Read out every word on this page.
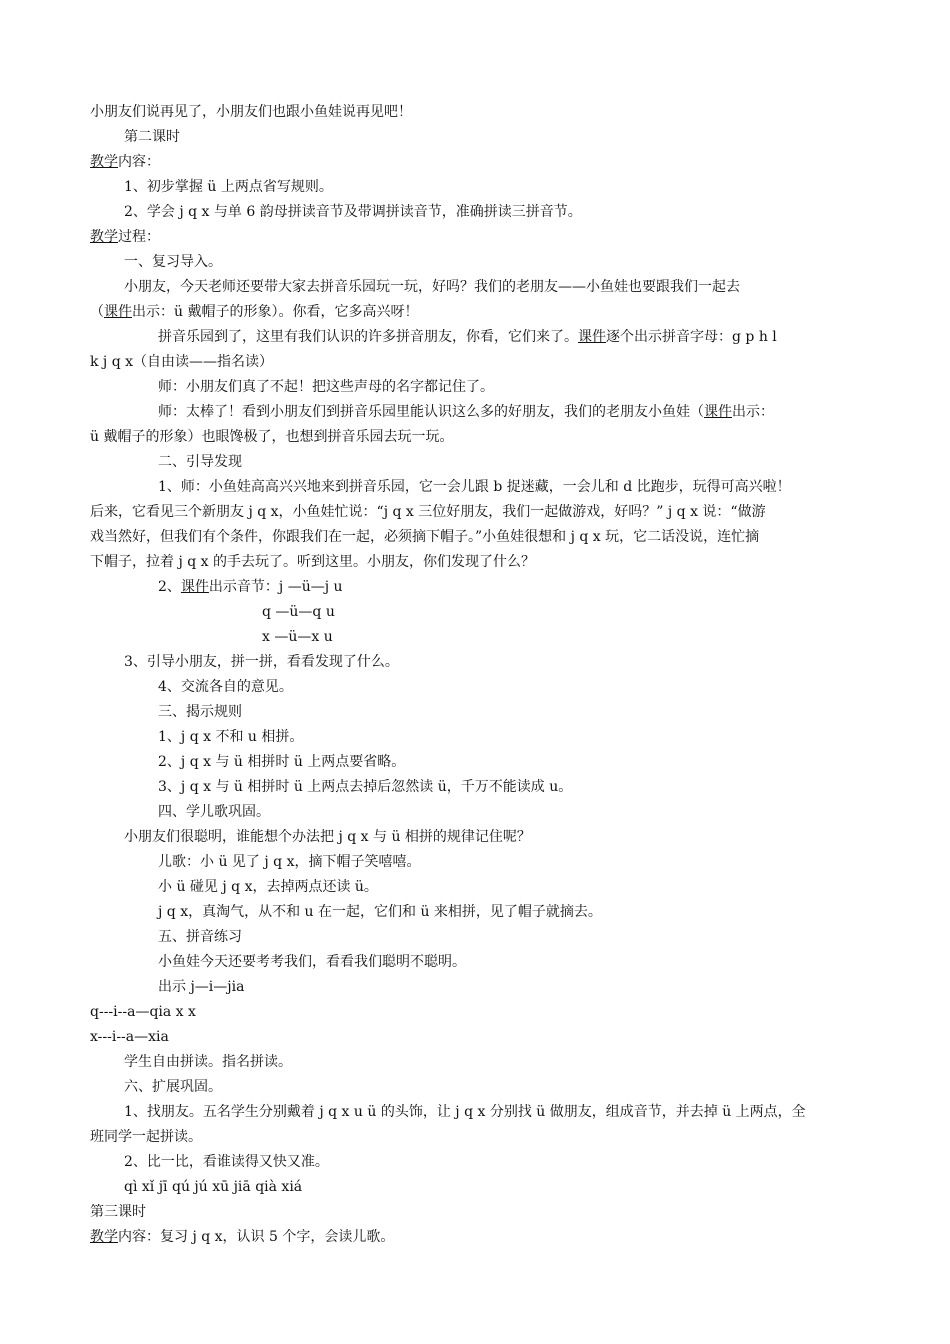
小朋友们说再见了，小朋友们也跟小鱼娃说再见吧！
第二课时
教学内容：
1、初步掌握 ü 上两点省写规则。
2、学会 j q x 与单 6 韵母拼读音节及带调拼读音节，准确拼读三拼音节。
教学过程：
一、复习导入。
小朋友，今天老师还要带大家去拼音乐园玩一玩，好吗？我们的老朋友——小鱼娃也要跟我们一起去
（课件出示：ü 戴帽子的形象）。你看，它多高兴呀！
拼音乐园到了，这里有我们认识的许多拼音朋友，你看，它们来了。课件逐个出示拼音字母：g p h l
k j q x（自由读——指名读）
师：小朋友们真了不起！把这些声母的名字都记住了。
师：太棒了！看到小朋友们到拼音乐园里能认识这么多的好朋友，我们的老朋友小鱼娃（课件出示：
ü 戴帽子的形象）也眼馋极了，也想到拼音乐园去玩一玩。
二、引导发现
1、师：小鱼娃高高兴兴地来到拼音乐园，它一会儿跟 b 捉迷藏，一会儿和 d 比跑步，玩得可高兴啦！
后来，它看见三个新朋友 j q x，小鱼娃忙说：“j q x 三位好朋友，我们一起做游戏，好吗？” j q x 说：“做游
戏当然好，但我们有个条件，你跟我们在一起，必须摘下帽子。”小鱼娃很想和 j q x 玩，它二话没说，连忙摘
下帽子，拉着 j q x 的手去玩了。听到这里。小朋友，你们发现了什么？
2、课件出示音节：j —ü—j u
q —ü—q u
x —ü—x u
3、引导小朋友，拼一拼，看看发现了什么。
4、交流各自的意见。
三、揭示规则
1、j q x 不和 u 相拼。
2、j q x 与 ü 相拼时 ü 上两点要省略。
3、j q x 与 ü 相拼时 ü 上两点去掉后忽然读 ü，千万不能读成 u。
四、学儿歌巩固。
小朋友们很聪明，谁能想个办法把 j q x 与 ü 相拼的规律记住呢？
儿歌：小 ü 见了 j q x，摘下帽子笑嘻嘻。
小 ü 碰见 j q x，去掉两点还读 ü。
j q x，真淘气，从不和 u 在一起，它们和 ü 来相拼，见了帽子就摘去。
五、拼音练习
小鱼娃今天还要考考我们，看看我们聪明不聪明。
出示 j—i—jia
q---i--a—qia x x
x---i--a—xia
学生自由拼读。指名拼读。
六、扩展巩固。
1、找朋友。五名学生分别戴着 j q x u ü 的头饰，让 j q x 分别找 ü 做朋友，组成音节，并去掉 ü 上两点，全
班同学一起拼读。
2、比一比，看谁读得又快又准。
qì xǐ jī qú jú xū jiā qià xiá
第三课时
教学内容：复习 j q x，认识 5 个字，会读儿歌。
